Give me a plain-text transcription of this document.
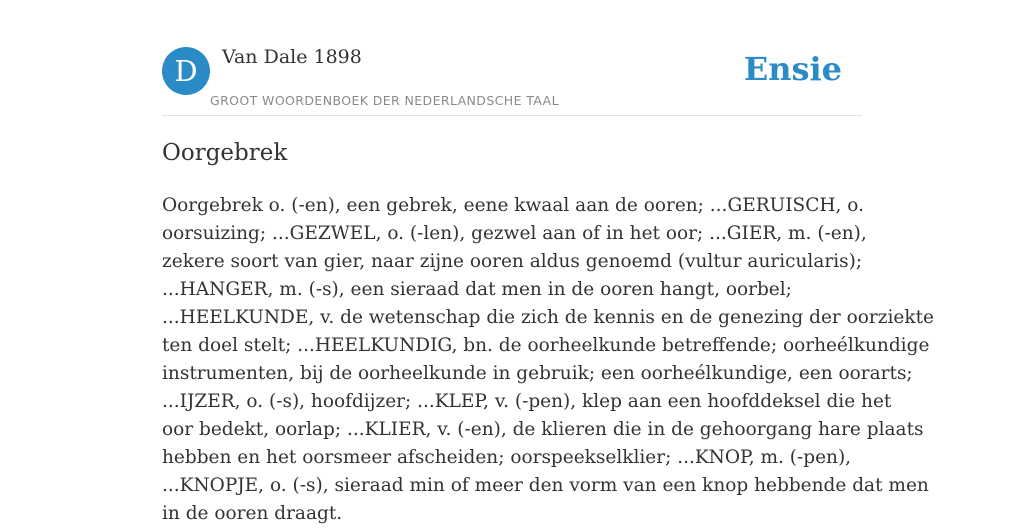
D	Van Dale 1898
GROOT WOORDENBOEK DER NEDERLANDSCHE TAAL
Ensie
Oorgebrek
Oorgebrek o. (-en), een gebrek, eene kwaal aan de ooren; ...GERUISCH, o.
oorsuizing; ...GEZWEL, o. (-len), gezwel aan of in het oor; ...GIER, m. (-en),
zekere soort van gier, naar zijne ooren aldus genoemd (vultur auricularis);
...HANGER, m. (-s), een sieraad dat men in de ooren hangt, oorbel;
...HEELKUNDE, v. de wetenschap die zich de kennis en de genezing der oorziekte
ten doel stelt; ...HEELKUNDIG, bn. de oorheelkunde betreffende; oorheélkundige
instrumenten, bij de oorheelkunde in gebruik; een oorheélkundige, een oorarts;
...IJZER, o. (-s), hoofdijzer; ...KLEP, v. (-pen), klep aan een hoofddeksel die het
oor bedekt, oorlap; ...KLIER, v. (-en), de klieren die in de gehoorgang hare plaats
hebben en het oorsmeer afscheiden; oorspeekselklier; ...KNOP, m. (-pen),
...KNOPJE, o. (-s), sieraad min of meer den vorm van een knop hebbende dat men
in de ooren draagt.
